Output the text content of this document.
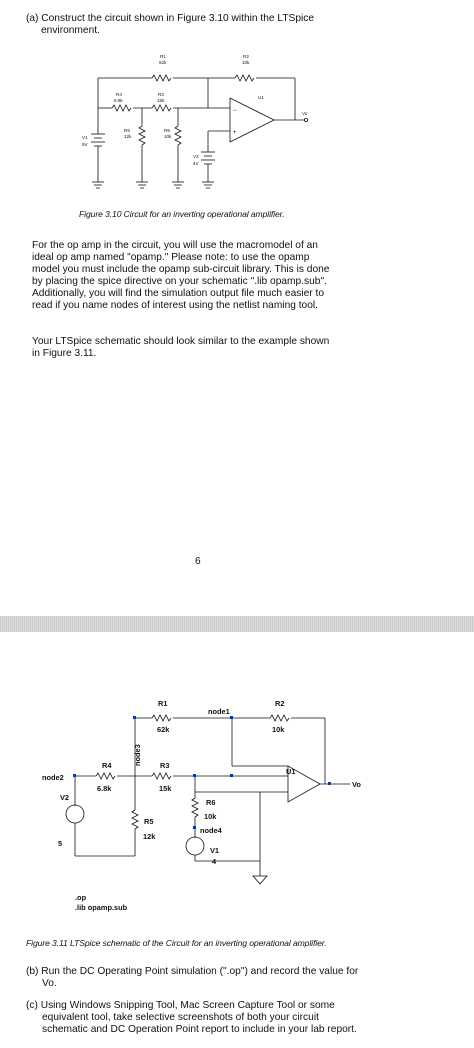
(a) Construct the circuit shown in Figure 3.10 within the LTSpice
environment.
R1
62k
R2
10k
R4
6.8k
R3
15k
R5
12k
R6
10k
V1
5V
V2
4V
U1
Vo
−
+
Figure 3.10 Circuit for an inverting operational amplifier.
For the op amp in the circuit, you will use the macromodel of an
ideal op amp named "opamp." Please note: to use the opamp
model you must include the opamp sub-circuit library. This is done
by placing the spice directive on your schematic ".lib opamp.sub".
Additionally, you will find the simulation output file much easier to
read if you name nodes of interest using the netlist naming tool.
Your LTSpice schematic should look similar to the example shown
in Figure 3.11.
6
R1
62k
node1
R2
10k
R4
6.8k
R3
15k
node2
node3
U1
Vo
R6
10k
node4
R5
12k
V2
5
V1
4
.op
.lib opamp.sub
Figure 3.11 LTSpice schematic of the Circuit for an inverting operational amplifier.
(b) Run the DC Operating Point simulation (".op") and record the value for
Vo.
(c) Using Windows Snipping Tool, Mac Screen Capture Tool or some
equivalent tool, take selective screenshots of both your circuit
schematic and DC Operation Point report to include in your lab report.
